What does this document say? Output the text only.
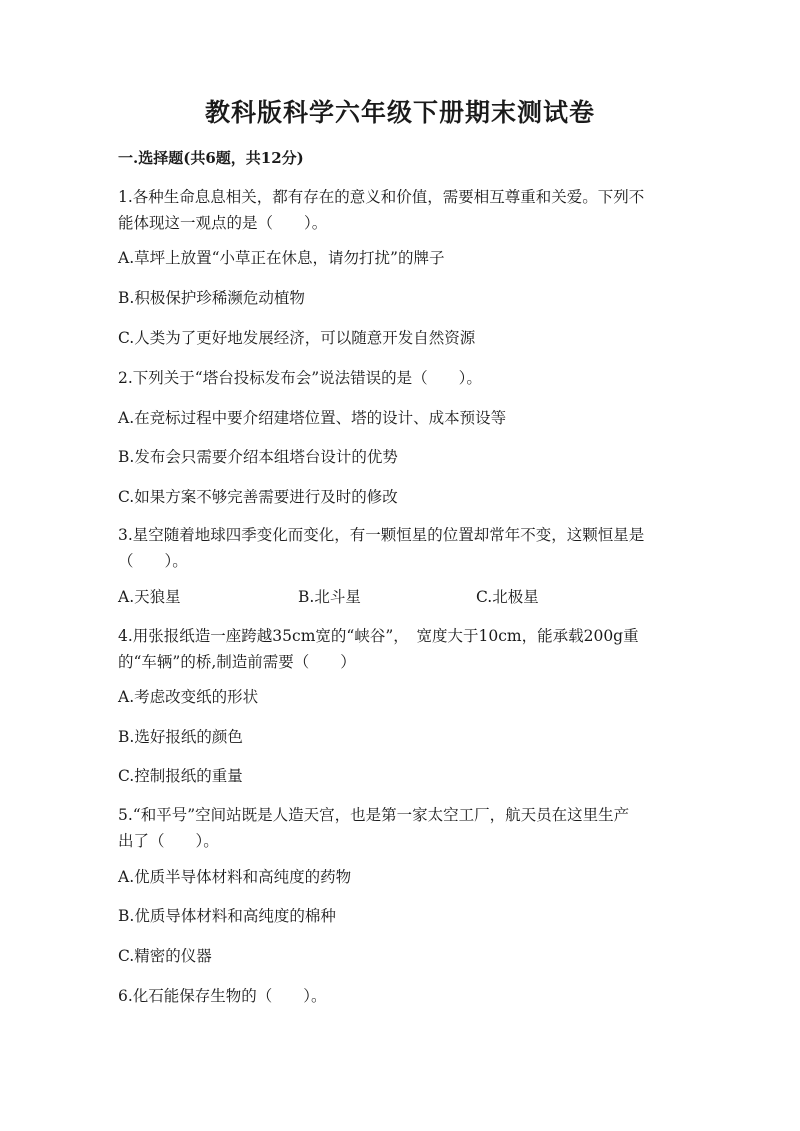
教科版科学六年级下册期末测试卷
一.选择题(共6题，共12分)
1.各种生命息息相关，都有存在的意义和价值，需要相互尊重和关爱。下列不
能体现这一观点的是（　　）。
A.草坪上放置“小草正在休息，请勿打扰”的牌子
B.积极保护珍稀濒危动植物
C.人类为了更好地发展经济，可以随意开发自然资源
2.下列关于“塔台投标发布会”说法错误的是（　　）。
A.在竞标过程中要介绍建塔位置、塔的设计、成本预设等
B.发布会只需要介绍本组塔台设计的优势
C.如果方案不够完善需要进行及时的修改
3.星空随着地球四季变化而变化，有一颗恒星的位置却常年不变，这颗恒星是
（　　）。
A.天狼星	B.北斗星	C.北极星
4.用张报纸造一座跨越35cm宽的“峡谷”，　宽度大于10cm，能承载200g重
的“车辆”的桥,制造前需要（　　）
A.考虑改变纸的形状
B.选好报纸的颜色
C.控制报纸的重量
5.“和平号”空间站既是人造天宫，也是第一家太空工厂，航天员在这里生产
出了（　　）。
A.优质半导体材料和高纯度的药物
B.优质导体材料和高纯度的棉种
C.精密的仪器
6.化石能保存生物的（　　）。
